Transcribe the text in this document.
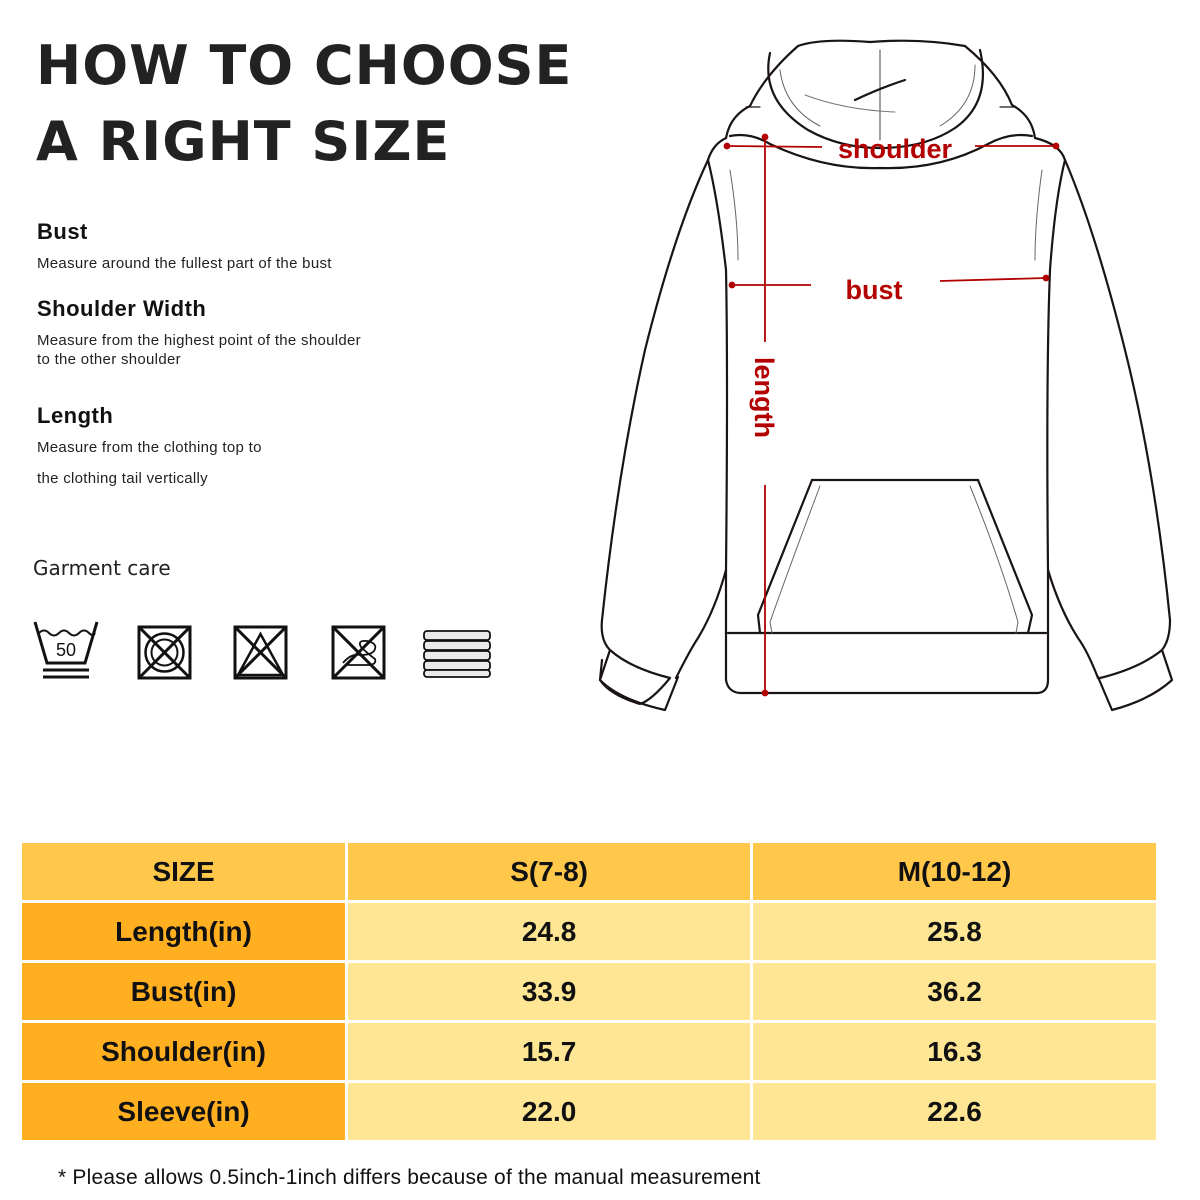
HOW TO CHOOSE
A RIGHT SIZE
Bust

Measure around the fullest part of the bust

Shoulder Width

Measure from the highest point of the shoulder

to the other shoulder

Length

Measure from the clothing top to

the clothing tail vertically

Garment care
50
shoulder
bust
length
SIZE	S(7-8)	M(10-12)
Length(in)	24.8	25.8
Bust(in)	33.9	36.2
Shoulder(in)	15.7	16.3
Sleeve(in)	22.0	22.6
* Please allows 0.5inch-1inch differs because of the manual measurement
